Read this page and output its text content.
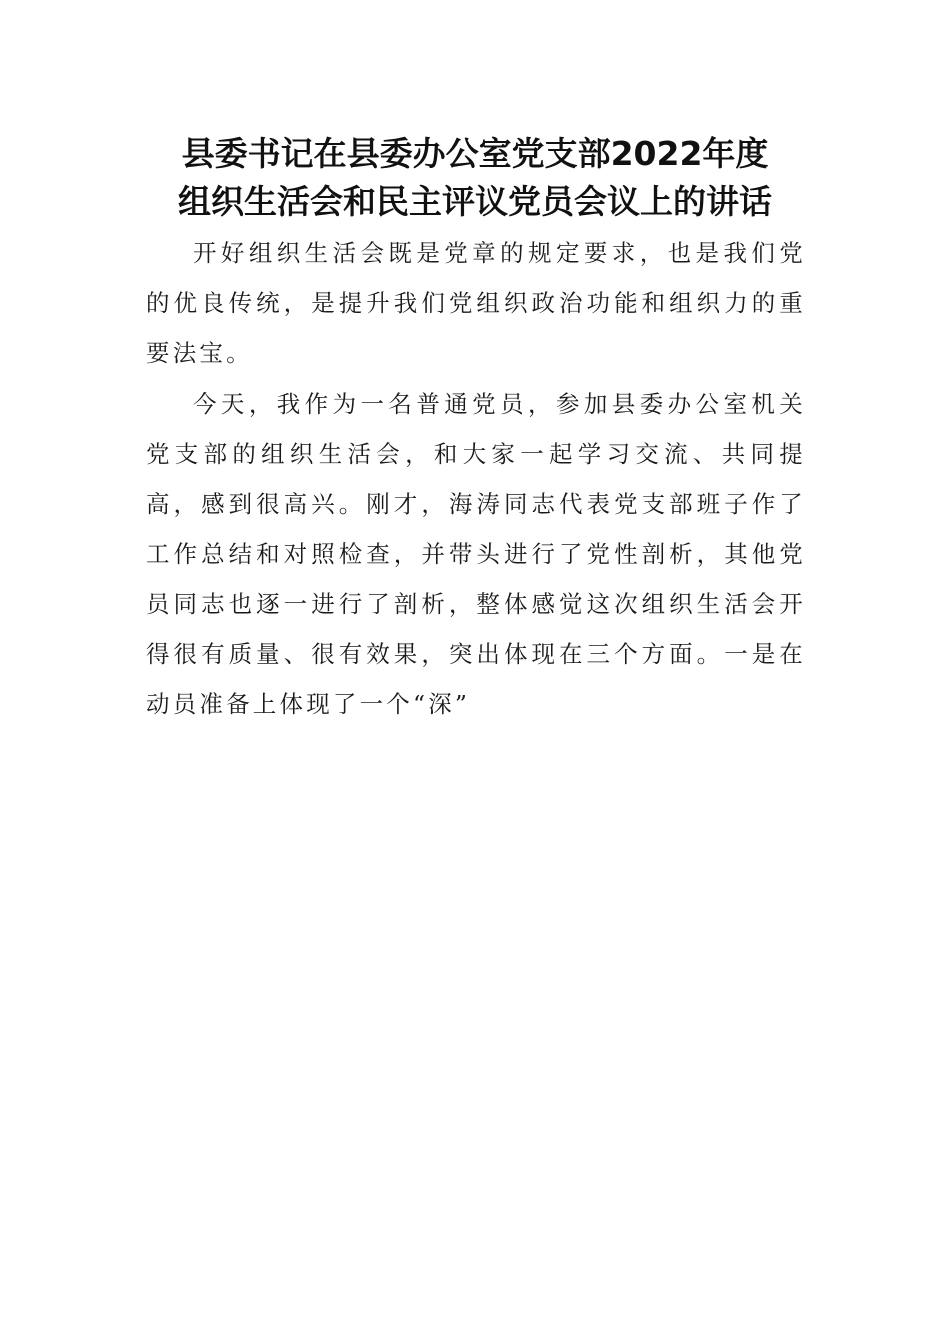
县委书记在县委办公室党支部2022年度
组织生活会和民主评议党员会议上的讲话

开好组织生活会既是党章的规定要求，也是我们党的优良传统，是提升我们党组织政治功能和组织力的重要法宝。

今天，我作为一名普通党员，参加县委办公室机关党支部的组织生活会，和大家一起学习交流、共同提高，感到很高兴。刚才，海涛同志代表党支部班子作了工作总结和对照检查，并带头进行了党性剖析，其他党员同志也逐一进行了剖析，整体感觉这次组织生活会开得很有质量、很有效果，突出体现在三个方面。一是在动员准备上体现了一个“深”
